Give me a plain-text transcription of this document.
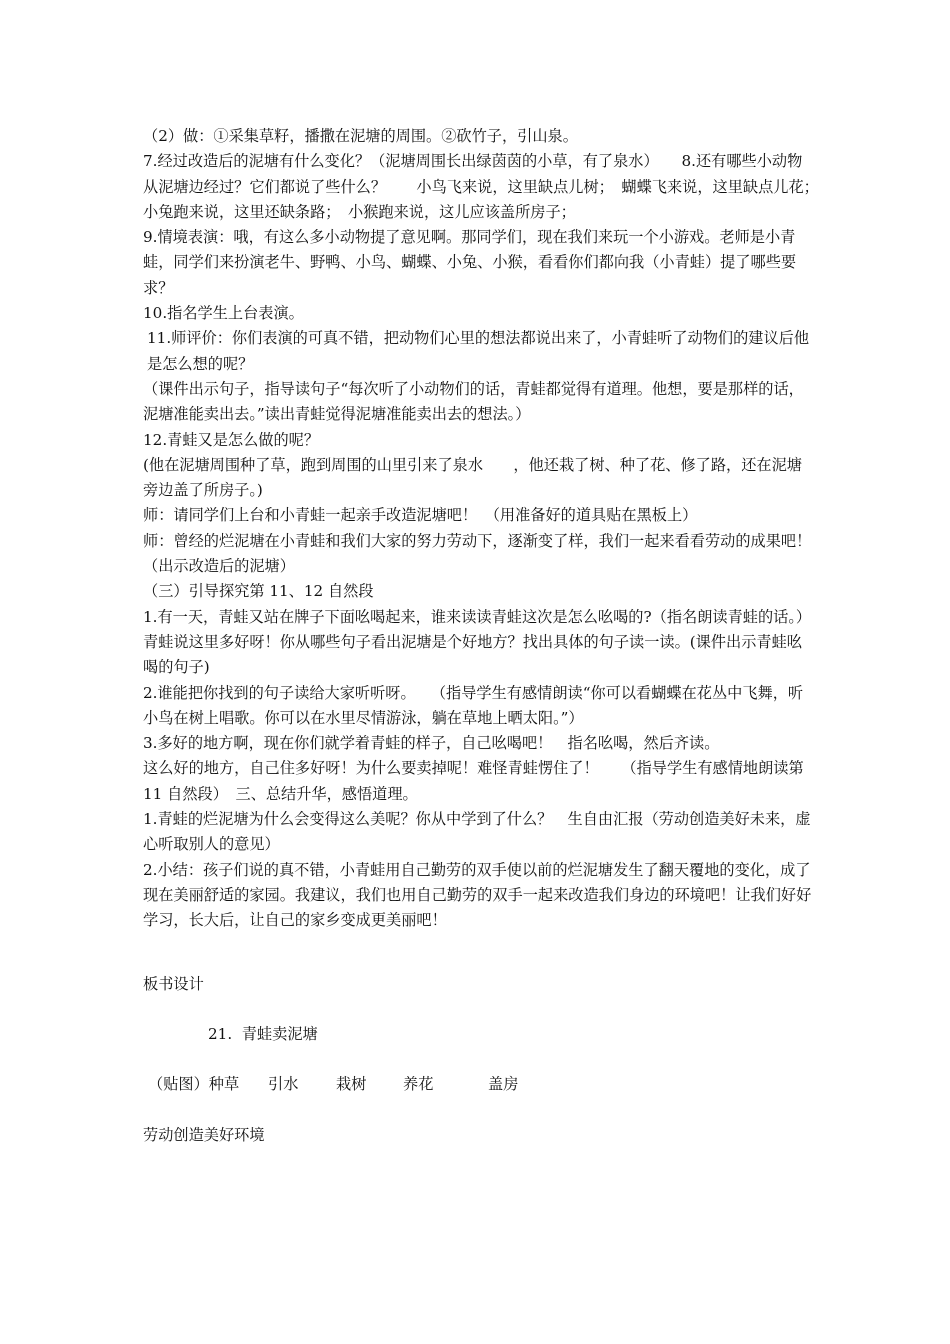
（2）做：①采集草籽，播撒在泥塘的周围。②砍竹子，引山泉。

7.经过改造后的泥塘有什么变化？（泥塘周围长出绿茵茵的小草，有了泉水）　　8.还有哪些小动物从泥塘边经过？它们都说了些什么？　　小鸟飞来说，这里缺点儿树；　蝴蝶飞来说，这里缺点儿花；　小兔跑来说，这里还缺条路；　小猴跑来说，这儿应该盖所房子；

9.情境表演：哦，有这么多小动物提了意见啊。那同学们，现在我们来玩一个小游戏。老师是小青蛙，同学们来扮演老牛、野鸭、小鸟、蝴蝶、小兔、小猴，看看你们都向我（小青蛙）提了哪些要求？

10.指名学生上台表演。

11.师评价：你们表演的可真不错，把动物们心里的想法都说出来了，小青蛙听了动物们的建议后他是怎么想的呢？

（课件出示句子，指导读句子“每次听了小动物们的话，青蛙都觉得有道理。他想，要是那样的话，泥塘准能卖出去。”读出青蛙觉得泥塘准能卖出去的想法。）

12.青蛙又是怎么做的呢？

(他在泥塘周围种了草，跑到周围的山里引来了泉水　　，他还栽了树、种了花、修了路，还在泥塘旁边盖了所房子。)

师：请同学们上台和小青蛙一起亲手改造泥塘吧！　（用准备好的道具贴在黑板上）

师：曾经的烂泥塘在小青蛙和我们大家的努力劳动下，逐渐变了样，我们一起来看看劳动的成果吧！（出示改造后的泥塘）

（三）引导探究第 11、12 自然段

1.有一天，青蛙又站在牌子下面吆喝起来，谁来读读青蛙这次是怎么吆喝的?（指名朗读青蛙的话。）

青蛙说这里多好呀！你从哪些句子看出泥塘是个好地方？找出具体的句子读一读。(课件出示青蛙吆喝的句子)

2.谁能把你找到的句子读给大家听听呀。　　（指导学生有感情朗读“你可以看蝴蝶在花丛中飞舞，听小鸟在树上唱歌。你可以在水里尽情游泳，躺在草地上晒太阳。”）

3.多好的地方啊，现在你们就学着青蛙的样子，自己吆喝吧！　指名吆喝，然后齐读。

这么好的地方，自己住多好呀！为什么要卖掉呢！难怪青蛙愣住了！　　（指导学生有感情地朗读第 11 自然段）　三、总结升华，感悟道理。

1.青蛙的烂泥塘为什么会变得这么美呢？你从中学到了什么？　生自由汇报（劳动创造美好未来，虚心听取别人的意见）

2.小结：孩子们说的真不错，小青蛙用自己勤劳的双手使以前的烂泥塘发生了翻天覆地的变化，成了现在美丽舒适的家园。我建议，我们也用自己勤劳的双手一起来改造我们身边的环境吧！让我们好好学习，长大后，让自己的家乡变成更美丽吧！

板书设计
21.  青蛙卖泥塘
（贴图）种草 引水 栽树 养花	盖房
劳动创造美好环境
